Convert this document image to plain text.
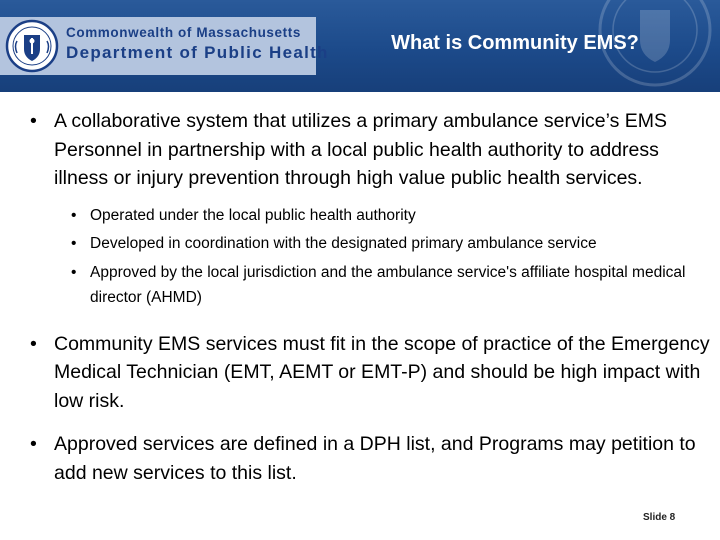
Commonwealth of Massachusetts
Department of Public Health	What is Community EMS?
• A collaborative system that utilizes a primary ambulance service’s EMS Personnel in partnership with a local public health authority to address illness or injury prevention through high value public health services.
• Operated under the local public health authority
• Developed in coordination with the designated primary ambulance service
• Approved by the local jurisdiction and the ambulance service's affiliate hospital medical director (AHMD)
• Community EMS services must fit in the scope of practice of the Emergency Medical Technician (EMT, AEMT or EMT-P) and should be high impact with low risk.
• Approved services are defined in a DPH list, and Programs may petition to add new services to this list.
Slide 8
